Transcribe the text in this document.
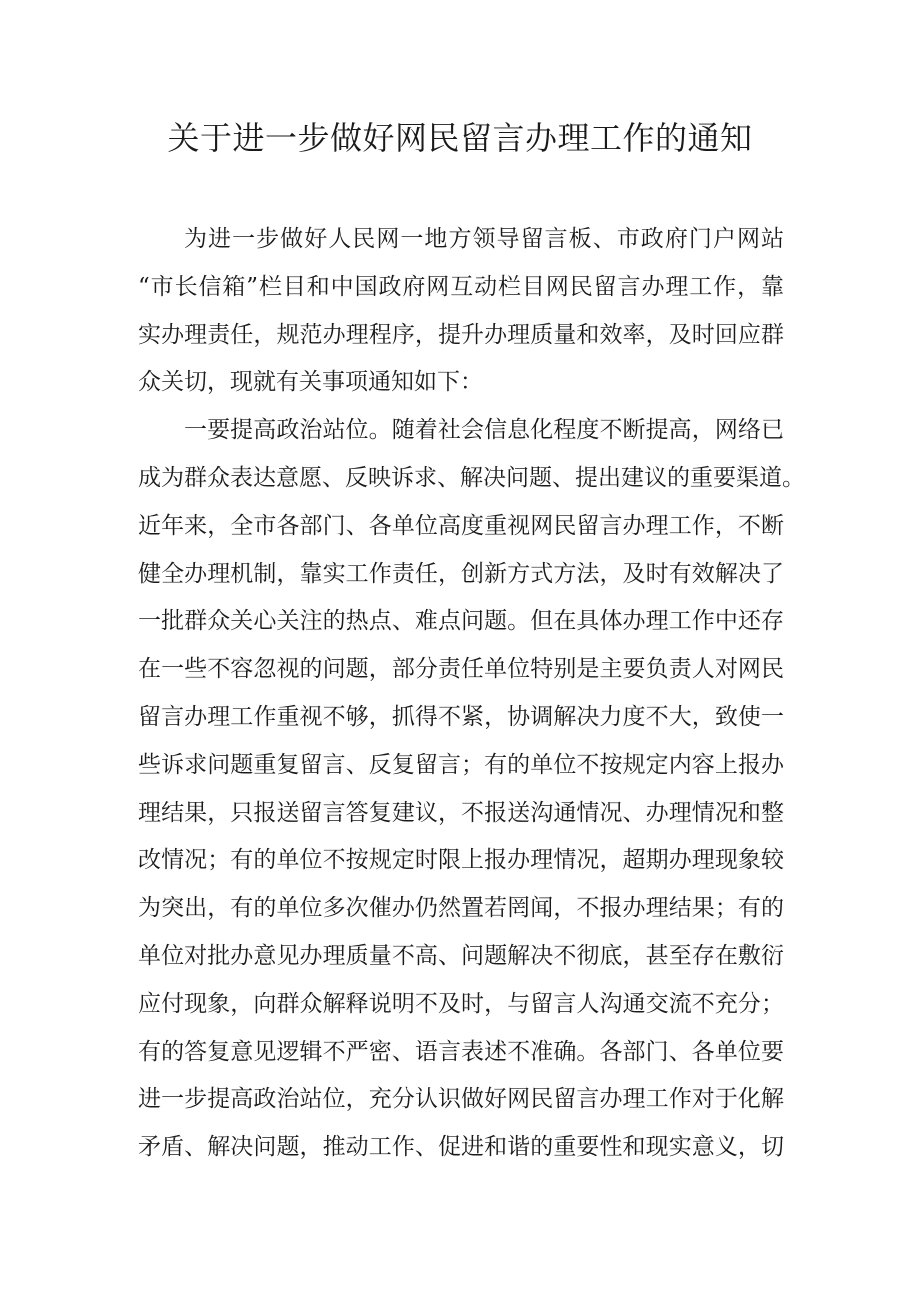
关于进一步做好网民留言办理工作的通知
为进一步做好人民网一地方领导留言板、市政府门户网站
“市长信箱”栏目和中国政府网互动栏目网民留言办理工作，靠
实办理责任，规范办理程序，提升办理质量和效率，及时回应群
众关切，现就有关事项通知如下：
一要提高政治站位。随着社会信息化程度不断提高，网络已
成为群众表达意愿、反映诉求、解决问题、提出建议的重要渠道。
近年来，全市各部门、各单位高度重视网民留言办理工作，不断
健全办理机制，靠实工作责任，创新方式方法，及时有效解决了
一批群众关心关注的热点、难点问题。但在具体办理工作中还存
在一些不容忽视的问题，部分责任单位特别是主要负责人对网民
留言办理工作重视不够，抓得不紧，协调解决力度不大，致使一
些诉求问题重复留言、反复留言；有的单位不按规定内容上报办
理结果，只报送留言答复建议，不报送沟通情况、办理情况和整
改情况；有的单位不按规定时限上报办理情况，超期办理现象较
为突出，有的单位多次催办仍然置若罔闻，不报办理结果；有的
单位对批办意见办理质量不高、问题解决不彻底，甚至存在敷衍
应付现象，向群众解释说明不及时，与留言人沟通交流不充分；
有的答复意见逻辑不严密、语言表述不准确。各部门、各单位要
进一步提高政治站位，充分认识做好网民留言办理工作对于化解
矛盾、解决问题，推动工作、促进和谐的重要性和现实意义，切
